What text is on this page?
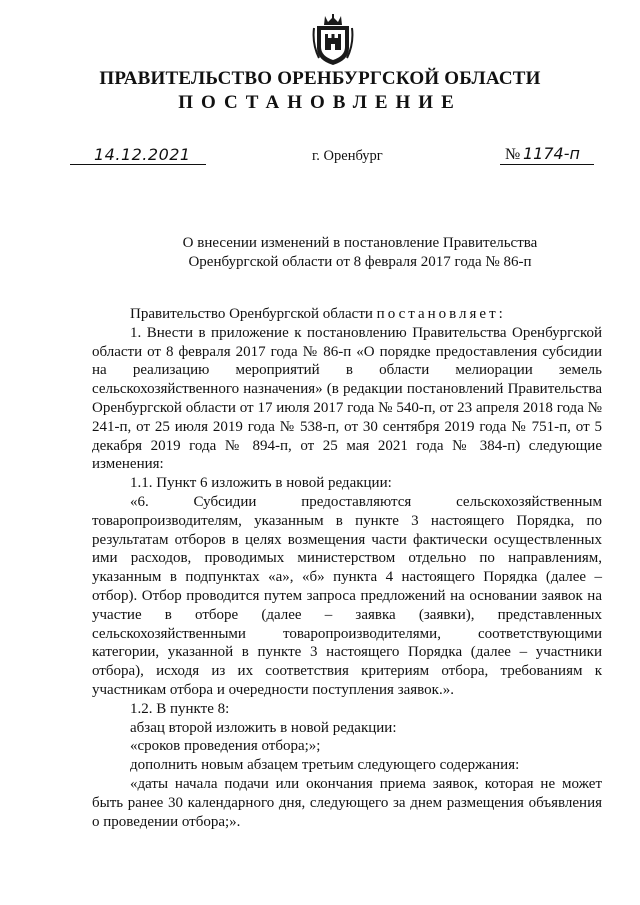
ПРАВИТЕЛЬСТВО ОРЕНБУРГСКОЙ ОБЛАСТИ
ПОСТАНОВЛЕНИЕ
14.12.2021	г. Оренбург	№ 1174-п
О внесении изменений в постановление Правительства
Оренбургской области от 8 февраля 2017 года № 86-п

Правительство Оренбургской области постановляет:

1. Внести в приложение к постановлению Правительства Оренбургской области от 8 февраля 2017 года № 86-п «О порядке предоставления субсидии на реализацию мероприятий в области мелиорации земель сельскохозяйственного назначения» (в редакции постановлений Правительства Оренбургской области от 17 июля 2017 года № 540-п, от 23 апреля 2018 года № 241-п, от 25 июля 2019 года № 538-п, от 30 сентября 2019 года № 751-п, от 5 декабря 2019 года № 894-п, от 25 мая 2021 года № 384-п) следующие изменения:

1.1. Пункт 6 изложить в новой редакции:

«6. Субсидии предоставляются сельскохозяйственным товаропроизводителям, указанным в пункте 3 настоящего Порядка, по результатам отборов в целях возмещения части фактически осуществленных ими расходов, проводимых министерством отдельно по направлениям, указанным в подпунктах «а», «б» пункта 4 настоящего Порядка (далее – отбор). Отбор проводится путем запроса предложений на основании заявок на участие в отборе (далее – заявка (заявки), представленных сельскохозяйственными товаропроизводителями, соответствующими категории, указанной в пункте 3 настоящего Порядка (далее – участники отбора), исходя из их соответствия критериям отбора, требованиям к участникам отбора и очередности поступления заявок.».

1.2. В пункте 8:

абзац второй изложить в новой редакции:

«сроков проведения отбора;»;

дополнить новым абзацем третьим следующего содержания:

«даты начала подачи или окончания приема заявок, которая не может быть ранее 30 календарного дня, следующего за днем размещения объявления о проведении отбора;».
